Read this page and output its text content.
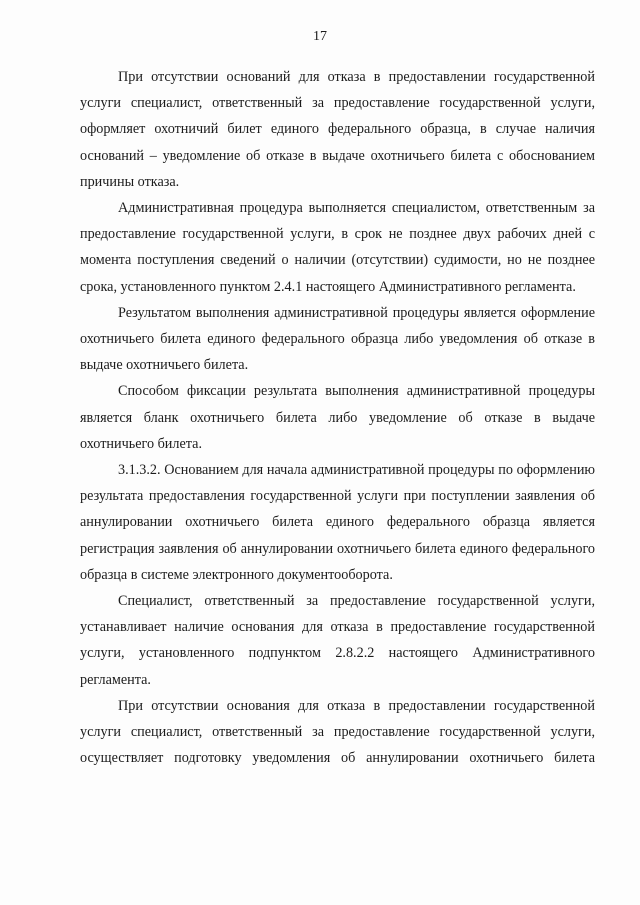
17

При отсутствии оснований для отказа в предоставлении государственной услуги специалист, ответственный за предоставление государственной услуги, оформляет охотничий билет единого федерального образца, в случае наличия оснований – уведомление об отказе в выдаче охотничьего билета с обоснованием причины отказа.

Административная процедура выполняется специалистом, ответственным за предоставление государственной услуги, в срок не позднее двух рабочих дней с момента поступления сведений о наличии (отсутствии) судимости, но не позднее срока, установленного пунктом 2.4.1 настоящего Административного регламента.

Результатом выполнения административной процедуры является оформление охотничьего билета единого федерального образца либо уведомления об отказе в выдаче охотничьего билета.

Способом фиксации результата выполнения административной процедуры является бланк охотничьего билета либо уведомление об отказе в выдаче охотничьего билета.

3.1.3.2. Основанием для начала административной процедуры по оформлению результата предоставления государственной услуги при поступлении заявления об аннулировании охотничьего билета единого федерального образца является регистрация заявления об аннулировании охотничьего билета единого федерального образца в системе электронного документооборота.

Специалист, ответственный за предоставление государственной услуги, устанавливает наличие основания для отказа в предоставление государственной услуги, установленного подпунктом 2.8.2.2 настоящего Административного регламента.

При отсутствии основания для отказа в предоставлении государственной услуги специалист, ответственный за предоставление государственной услуги, осуществляет подготовку уведомления об аннулировании охотничьего билета
